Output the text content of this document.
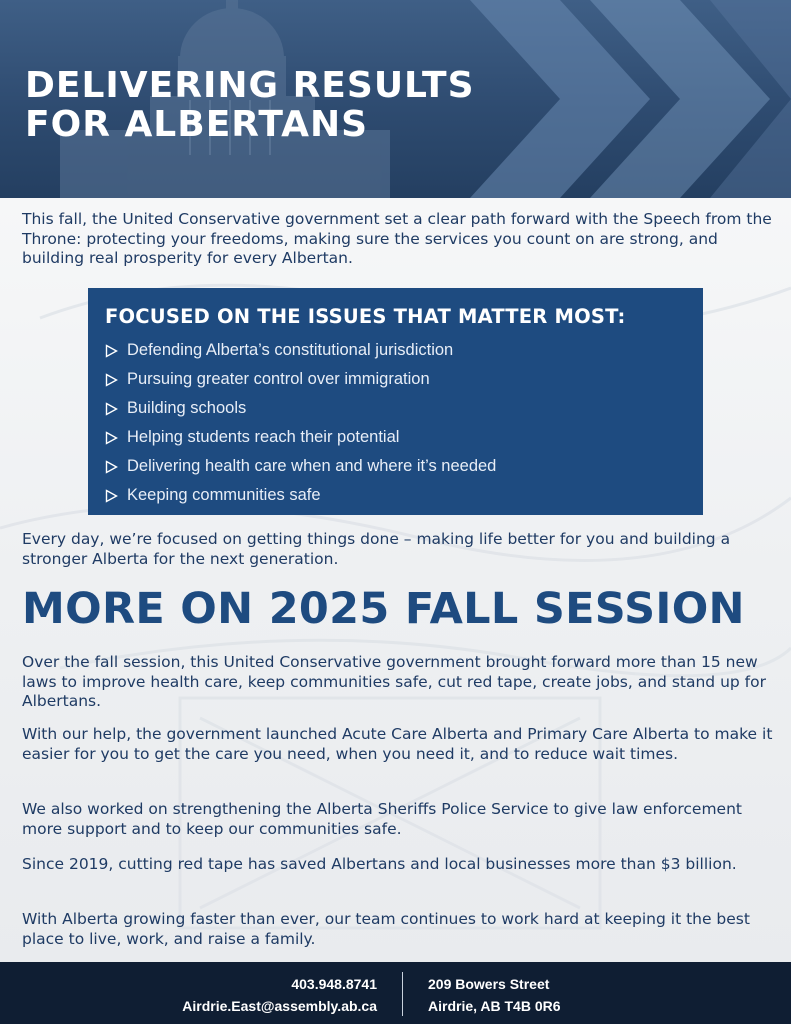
DELIVERING RESULTS
FOR ALBERTANS

This fall, the United Conservative government set a clear path forward with the Speech from the Throne: protecting your freedoms, making sure the services you count on are strong, and building real prosperity for every Albertan.

FOCUSED ON THE ISSUES THAT MATTER MOST:
Defending Alberta’s constitutional jurisdiction
Pursuing greater control over immigration
Building schools
Helping students reach their potential
Delivering health care when and where it’s needed
Keeping communities safe

Every day, we’re focused on getting things done – making life better for you and building a stronger Alberta for the next generation.

MORE ON 2025 FALL SESSION

Over the fall session, this United Conservative government brought forward more than 15 new laws to improve health care, keep communities safe, cut red tape, create jobs, and stand up for Albertans.

With our help, the government launched Acute Care Alberta and Primary Care Alberta to make it easier for you to get the care you need, when you need it, and to reduce wait times.

We also worked on strengthening the Alberta Sheriffs Police Service to give law enforcement more support and to keep our communities safe.

Since 2019, cutting red tape has saved Albertans and local businesses more than $3 billion.

With Alberta growing faster than ever, our team continues to work hard at keeping it the best place to live, work, and raise a family.

403.948.8741
Airdrie.East@assembly.ab.ca
209 Bowers Street
Airdrie, AB T4B 0R6
